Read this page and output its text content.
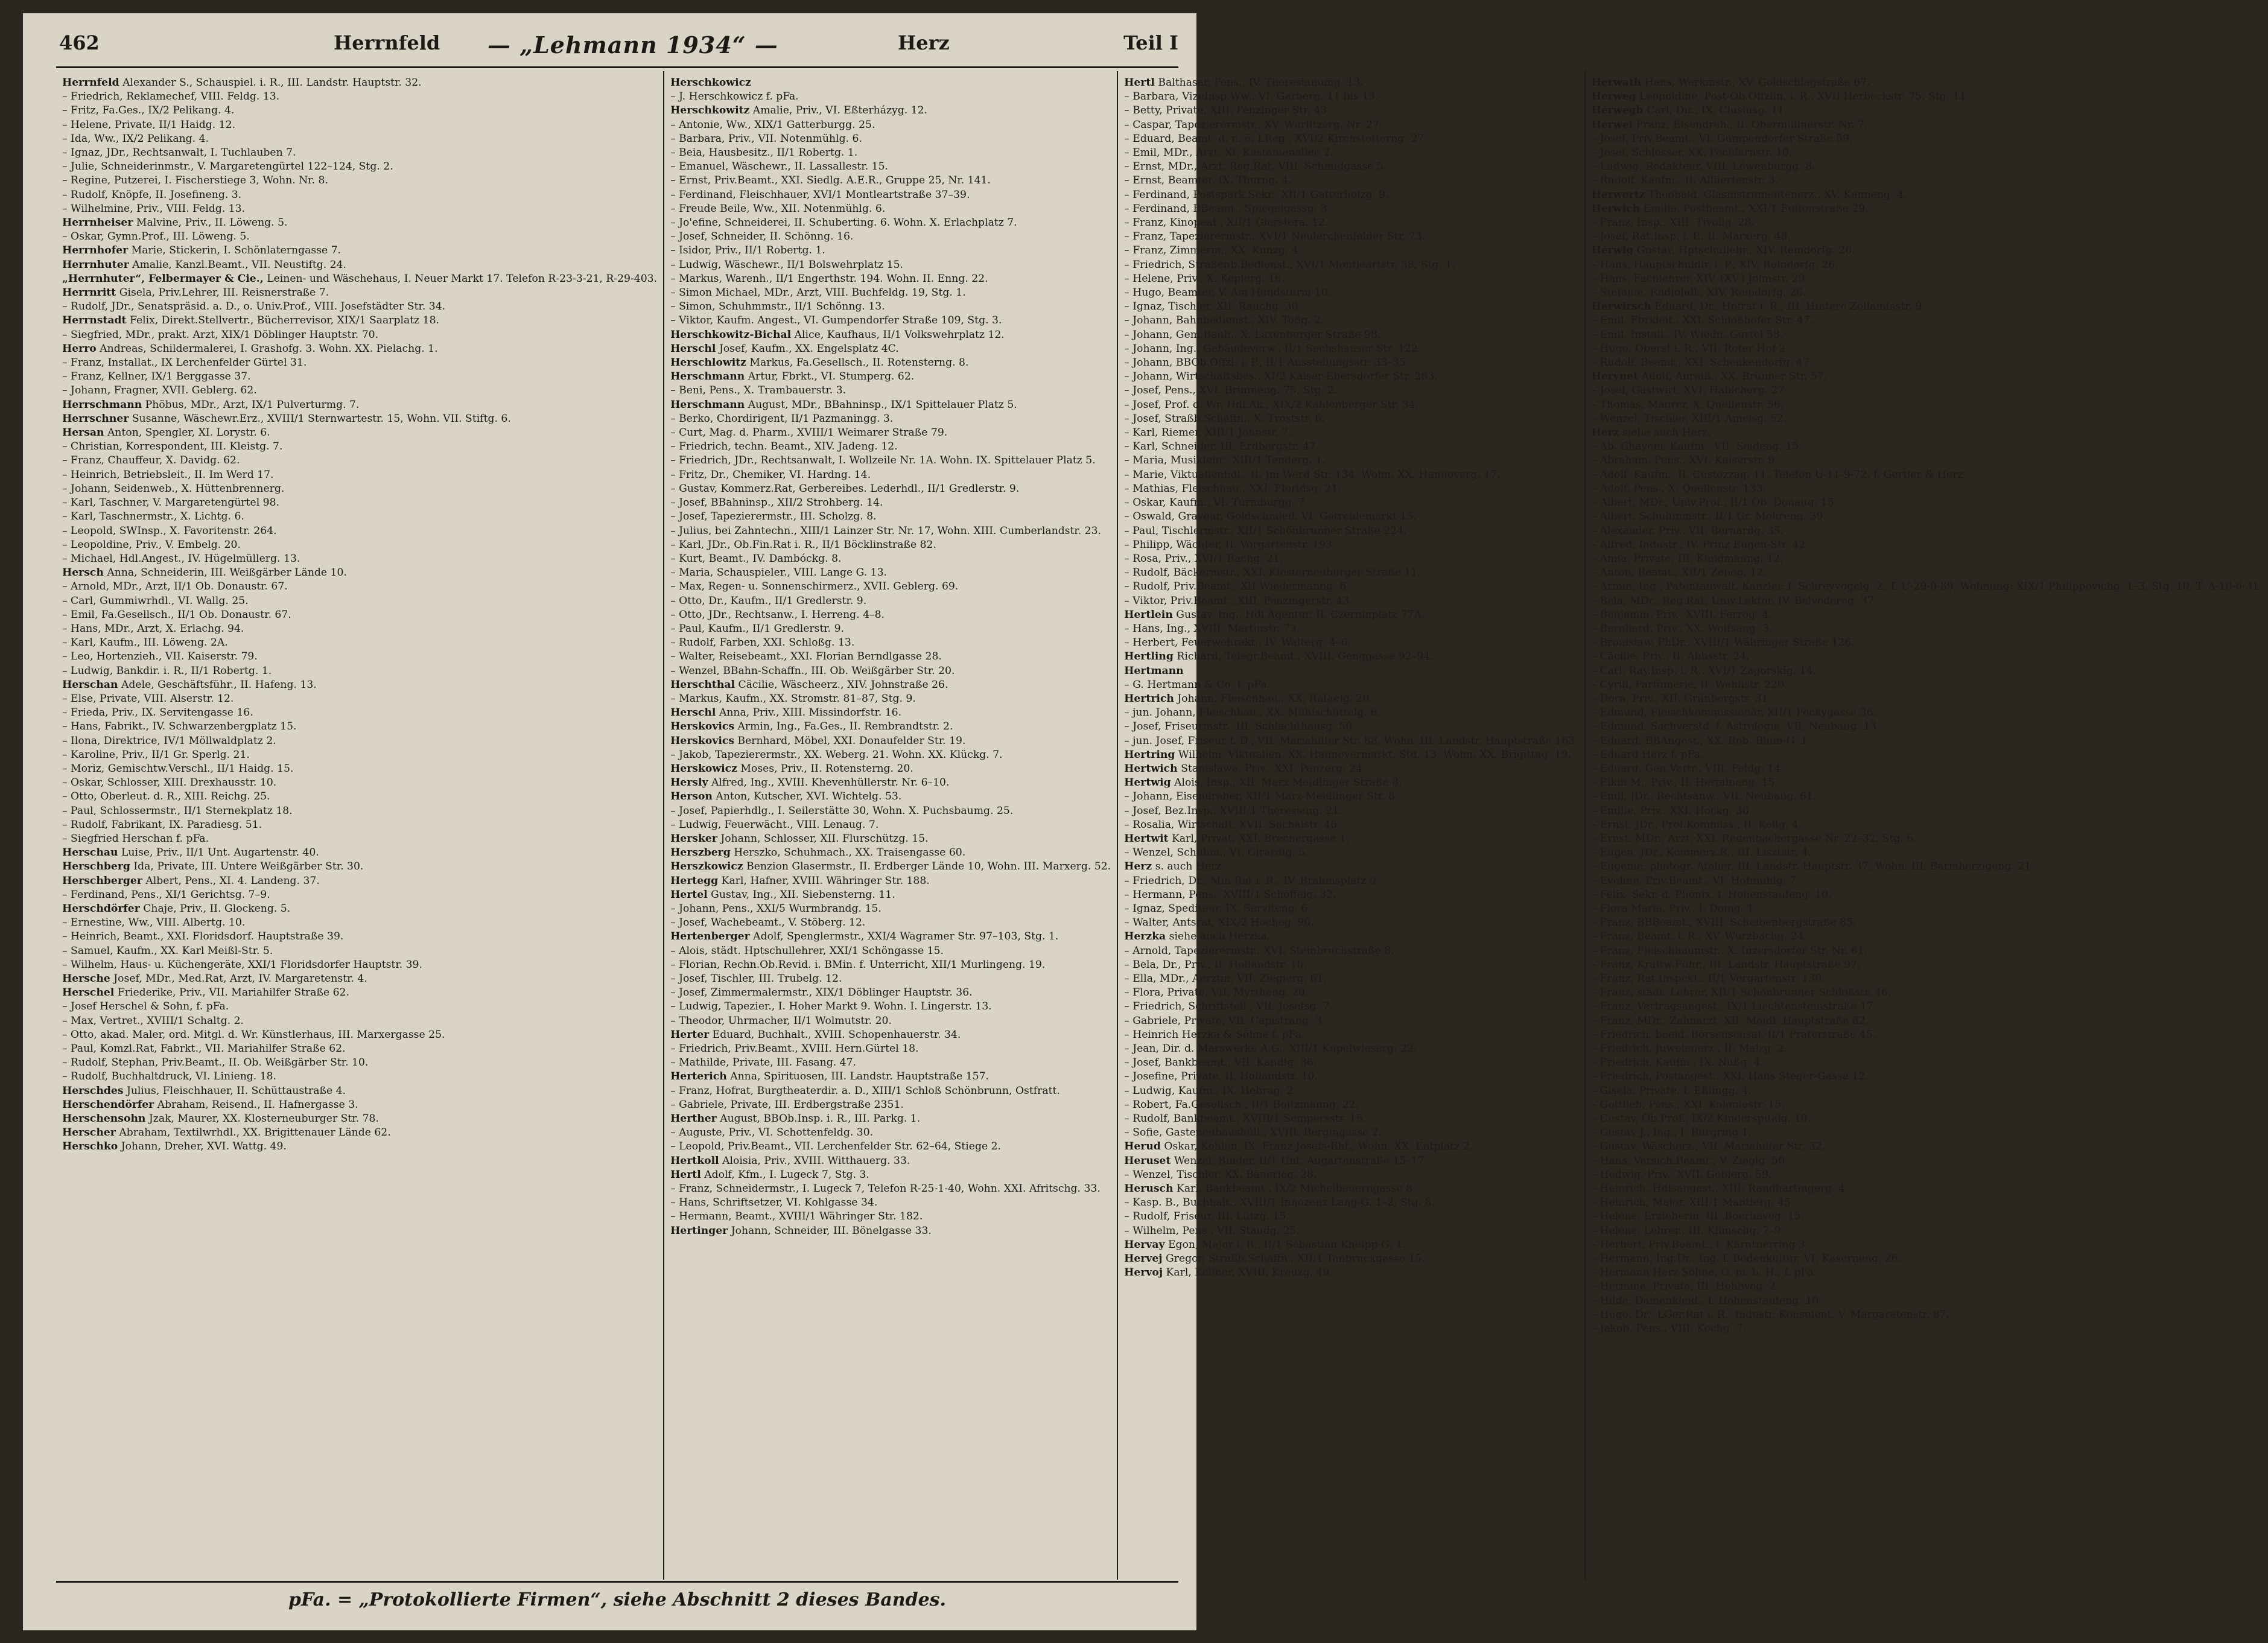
462	Herrnfeld — „Lehmann 1934“ —	Herz	Teil I
Herrnfeld Alexander S., Schauspiel. i. R., III. Landstr. Hauptstr. 32.
– Friedrich, Reklamechef, VIII. Feldg. 13.
– Fritz, Fa.Ges., IX/2 Pelikang. 4.
– Helene, Private, II/1 Haidg. 12.
– Ida, Ww., IX/2 Pelikang. 4.
– Ignaz, JDr., Rechtsanwalt, I. Tuchlauben 7.
– Julie, Schneiderinmstr., V. Margaretengürtel 122–124, Stg. 2.
– Regine, Putzerei, I. Fischerstiege 3, Wohn. Nr. 8.
– Rudolf, Knöpfe, II. Josefineng. 3.
– Wilhelmine, Priv., VIII. Feldg. 13.
Herrnheiser Malvine, Priv., II. Löweng. 5.
– Oskar, Gymn.Prof., III. Löweng. 5.
Herrnhofer Marie, Stickerin, I. Schönlaterngasse 7.
Herrnhuter Amalie, Kanzl.Beamt., VII. Neustiftg. 24.
„Herrnhuter“, Felbermayer & Cie., Leinen- und Wäschehaus, I. Neuer Markt 17. Telefon R-23-3-21, R-29-403.
Herrnritt Gisela, Priv.Lehrer, III. Reisnerstraße 7.
– Rudolf, JDr., Senatspräsid. a. D., o. Univ.Prof., VIII. Josefstädter Str. 34.
Herrnstadt Felix, Direkt.Stellvertr., Bücherrevisor, XIX/1 Saarplatz 18.
– Siegfried, MDr., prakt. Arzt, XIX/1 Döblinger Hauptstr. 70.
Herro Andreas, Schildermalerei, I. Grashofg. 3. Wohn. XX. Pielachg. 1.
– Franz, Installat., IX Lerchenfelder Gürtel 31.
– Franz, Kellner, IX/1 Berggasse 37.
– Johann, Fragner, XVII. Geblerg. 62.
Herrschmann Phöbus, MDr., Arzt, IX/1 Pulverturmg. 7.
Herrschner Susanne, Wäschewr.Erz., XVIII/1 Sternwartestr. 15, Wohn. VII. Stiftg. 6.
Hersan Anton, Spengler, XI. Lorystr. 6.
– Christian, Korrespondent, III. Kleistg. 7.
– Franz, Chauffeur, X. Davidg. 62.
– Heinrich, Betriebsleit., II. Im Werd 17.
– Johann, Seidenweb., X. Hüttenbrennerg.
– Karl, Taschner, V. Margaretengürtel 98.
– Karl, Taschnermstr., X. Lichtg. 6.
– Leopold, SWInsp., X. Favoritenstr. 264.
– Leopoldine, Priv., V. Embelg. 20.
– Michael, Hdl.Angest., IV. Hügelmüllerg. 13.
Hersch Anna, Schneiderin, III. Weißgärber Lände 10.
– Arnold, MDr., Arzt, II/1 Ob. Donaustr. 67.
– Carl, Gummiwrhdl., VI. Wallg. 25.
– Emil, Fa.Gesellsch., II/1 Ob. Donaustr. 67.
– Hans, MDr., Arzt, X. Erlachg. 94.
– Karl, Kaufm., III. Löweng. 2A.
– Leo, Hortenzieh., VII. Kaiserstr. 79.
– Ludwig, Bankdir. i. R., II/1 Robertg. 1.
Herschan Adele, Geschäftsführ., II. Hafeng. 13.
– Else, Private, VIII. Alserstr. 12.
– Frieda, Priv., IX. Servitengasse 16.
– Hans, Fabrikt., IV. Schwarzenbergplatz 15.
– Ilona, Direktrice, IV/1 Möllwaldplatz 2.
– Karoline, Priv., II/1 Gr. Sperlg. 21.
– Moriz, Gemischtw.Verschl., II/1 Haidg. 15.
– Oskar, Schlosser, XIII. Drexhausstr. 10.
– Otto, Oberleut. d. R., XIII. Reichg. 25.
– Paul, Schlossermstr., II/1 Sternekplatz 18.
– Rudolf, Fabrikant, IX. Paradiesg. 51.
– Siegfried Herschan f. pFa.
Herschau Luise, Priv., II/1 Unt. Augartenstr. 40.
Herschberg Ida, Private, III. Untere Weißgärber Str. 30.
Herschberger Albert, Pens., XI. 4. Landeng. 37.
– Ferdinand, Pens., XI/1 Gerichtsg. 7–9.
Herschdörfer Chaje, Priv., II. Glockeng. 5.
– Ernestine, Ww., VIII. Albertg. 10.
– Heinrich, Beamt., XXI. Floridsdorf. Hauptstraße 39.
– Samuel, Kaufm., XX. Karl Meißl-Str. 5.
– Wilhelm, Haus- u. Küchengeräte, XXI/1 Floridsdorfer Hauptstr. 39.
Hersche Josef, MDr., Med.Rat, Arzt, IV. Margaretenstr. 4.
Herschel Friederike, Priv., VII. Mariahilfer Straße 62.
– Josef Herschel & Sohn, f. pFa.
– Max, Vertret., XVIII/1 Schaltg. 2.
– Otto, akad. Maler, ord. Mitgl. d. Wr. Künstlerhaus, III. Marxergasse 25.
– Paul, Komzl.Rat, Fabrkt., VII. Mariahilfer Straße 62.
– Rudolf, Stephan, Priv.Beamt., II. Ob. Weißgärber Str. 10.
– Rudolf, Buchhaltdruck, VI. Linieng. 18.
Herschdes Julius, Fleischhauer, II. Schüttaustraße 4.
Herschendörfer Abraham, Reisend., II. Hafnergasse 3.
Herschensohn Jzak, Maurer, XX. Klosterneuburger Str. 78.
Herscher Abraham, Textilwrhdl., XX. Brigittenauer Lände 62.
Herschko Johann, Dreher, XVI. Wattg. 49.
Herschkowicz
– J. Herschkowicz f. pFa.
Herschkowitz Amalie, Priv., VI. Eßterházyg. 12.
– Antonie, Ww., XIX/1 Gatterburgg. 25.
– Barbara, Priv., VII. Notenmühlg. 6.
– Beia, Hausbesitz., II/1 Robertg. 1.
– Emanuel, Wäschewr., II. Lassallestr. 15.
– Ernst, Priv.Beamt., XXI. Siedlg. A.E.R., Gruppe 25, Nr. 141.
– Ferdinand, Fleischhauer, XVI/1 Montleartstraße 37–39.
– Freude Beile, Ww., XII. Notenmühlg. 6.
– Jo'efine, Schneiderei, II. Schuberting. 6. Wohn. X. Erlachplatz 7.
– Josef, Schneider, II. Schönng. 16.
– Isidor, Priv., II/1 Robertg. 1.
– Ludwig, Wäschewr., II/1 Bolswehrplatz 15.
– Markus, Warenh., II/1 Engerthstr. 194. Wohn. II. Enng. 22.
– Simon Michael, MDr., Arzt, VIII. Buchfeldg. 19, Stg. 1.
– Simon, Schuhmmstr., II/1 Schönng. 13.
– Viktor, Kaufm. Angest., VI. Gumpendorfer Straße 109, Stg. 3.
Herschkowitz-Bichal Alice, Kaufhaus, II/1 Volkswehrplatz 12.
Herschl Josef, Kaufm., XX. Engelsplatz 4C.
Herschlowitz Markus, Fa.Gesellsch., II. Rotensterng. 8.
Herschmann Artur, Fbrkt., VI. Stumperg. 62.
– Beni, Pens., X. Trambauerstr. 3.
Herschmann August, MDr., BBahninsp., IX/1 Spittelauer Platz 5.
– Berko, Chordirigent, II/1 Pazmaningg. 3.
– Curt, Mag. d. Pharm., XVIII/1 Weimarer Straße 79.
– Friedrich, techn. Beamt., XIV. Jadeng. 12.
– Friedrich, JDr., Rechtsanwalt, I. Wollzeile Nr. 1A. Wohn. IX. Spittelauer Platz 5.
– Fritz, Dr., Chemiker, VI. Hardng. 14.
– Gustav, Kommerz.Rat, Gerbereibes. Lederhdl., II/1 Gredlerstr. 9.
– Josef, BBahninsp., XII/2 Strohberg. 14.
– Josef, Tapezierermstr., III. Scholzg. 8.
– Julius, bei Zahntechn., XIII/1 Lainzer Str. Nr. 17, Wohn. XIII. Cumberlandstr. 23.
– Karl, JDr., Ob.Fin.Rat i. R., II/1 Böcklinstraße 82.
– Kurt, Beamt., IV. Dambóckg. 8.
– Maria, Schauspieler., VIII. Lange G. 13.
– Max, Regen- u. Sonnenschirmerz., XVII. Geblerg. 69.
– Otto, Dr., Kaufm., II/1 Gredlerstr. 9.
– Otto, JDr., Rechtsanw., I. Herreng. 4–8.
– Paul, Kaufm., II/1 Gredlerstr. 9.
– Rudolf, Farben, XXI. Schloßg. 13.
– Walter, Reisebeamt., XXI. Florian Berndlgasse 28.
– Wenzel, BBahn-Schaffn., III. Ob. Weißgärber Str. 20.
Herschthal Cäcilie, Wäscheerz., XIV. Johnstraße 26.
– Markus, Kaufm., XX. Stromstr. 81–87, Stg. 9.
Herschl Anna, Priv., XIII. Missindorfstr. 16.
Herskovics Armin, Ing., Fa.Ges., II. Rembrandtstr. 2.
Herskovics Bernhard, Möbel, XXI. Donaufelder Str. 19.
– Jakob, Tapezierermstr., XX. Weberg. 21. Wohn. XX. Klückg. 7.
Herskowicz Moses, Priv., II. Rotensterng. 20.
Hersly Alfred, Ing., XVIII. Khevenhüllerstr. Nr. 6–10.
Herson Anton, Kutscher, XVI. Wichtelg. 53.
– Josef, Papierhdlg., I. Seilerstätte 30, Wohn. X. Puchsbaumg. 25.
– Ludwig, Feuerwächt., VIII. Lenaug. 7.
Hersker Johann, Schlosser, XII. Flurschützg. 15.
Herszberg Herszko, Schuhmach., XX. Traisengasse 60.
Herszkowicz Benzion Glasermstr., II. Erdberger Lände 10, Wohn. III. Marxerg. 52.
Hertegg Karl, Hafner, XVIII. Währinger Str. 188.
Hertel Gustav, Ing., XII. Siebensterng. 11.
– Johann, Pens., XXI/5 Wurmbrandg. 15.
– Josef, Wachebeamt., V. Stöberg. 12.
Hertenberger Adolf, Spenglermstr., XXI/4 Wagramer Str. 97–103, Stg. 1.
– Alois, städt. Hptschullehrer, XXI/1 Schöngasse 15.
– Florian, Rechn.Ob.Revid. i. BMin. f. Unterricht, XII/1 Murlingeng. 19.
– Josef, Tischler, III. Trubelg. 12.
– Josef, Zimmermalermstr., XIX/1 Döblinger Hauptstr. 36.
– Ludwig, Tapezier., I. Hoher Markt 9. Wohn. I. Lingerstr. 13.
– Theodor, Uhrmacher, II/1 Wolmutstr. 20.
Herter Eduard, Buchhalt., XVIII. Schopenhauerstr. 34.
– Friedrich, Priv.Beamt., XVIII. Hern.Gürtel 18.
– Mathilde, Private, III. Fasang. 47.
Herterich Anna, Spirituosen, III. Landstr. Hauptstraße 157.
– Franz, Hofrat, Burgtheaterdir. a. D., XIII/1 Schloß Schönbrunn, Ostfratt.
– Gabriele, Private, III. Erdbergstraße 2351.
Herther August, BBOb.Insp. i. R., III. Parkg. 1.
– Auguste, Priv., VI. Schottenfeldg. 30.
– Leopold, Priv.Beamt., VII. Lerchenfelder Str. 62–64, Stiege 2.
Hertkoll Aloisia, Priv., XVIII. Witthauerg. 33.
Hertl Adolf, Kfm., I. Lugeck 7, Stg. 3.
– Franz, Schneidermstr., I. Lugeck 7, Telefon R-25-1-40, Wohn. XXI. Afritschg. 33.
– Hans, Schriftsetzer, VI. Kohlgasse 34.
– Hermann, Beamt., XVIII/1 Währinger Str. 182.
Hertinger Johann, Schneider, III. Bönelgasse 33.
Hertl Balthasar, Pens., IV. Theresianumg. 13.
– Barbara, VizeInsp.Ww., VI. Garberg. 11 bis 13.
– Betty, Private, XIII. Penzinger Str. 43.
– Caspar, Tapezierermstr., XV. Wurlitzerg. Nr. 27.
– Eduard, Beamt. d. n. ö. LReg., XVI/2 Kirchstetterng. 27.
– Emil, MDr., Arzt, XI. Kastanienallee 2.
– Ernst, MDr., Arzt, Reg.Rat, VIII. Schmidgasse 5.
– Ernst, Beamter, IX. Thurng. 4.
– Ferdinand, Postspark.Sekr., XII/1 Gatterholzg. 9.
– Ferdinand, BBeamt., Spiegelgassg. 3.
– Franz, Kinopeat., XII/1 Gierstera. 12.
– Franz, Tapezierermstr., XVI/1 Neulerchenfelder Str. 73.
– Franz, Zimmerm., XX. Kunzg. 4.
– Friedrich, Straßenb.Bedienst., XVI/1 Montleartstr. 58, Stg. 1.
– Helene, Priv., X. Keplerg. 16.
– Hugo, Beamter, V. Am Hundsturm 10.
– Ignaz, Tischler, XII. Rauchg. 30.
– Johann, Bahnbedienst., XIV. Toßg. 2.
– Johann, Gem.Bauh., X. Laxenburger Straße 98.
– Johann, Ing., Gebäudeverw., II/1 Sechshauser Str. 122.
– Johann, BBOb.Offzl. i. P., II/1 Ausstellungsstr. 33–35.
– Johann, Wirtschaftsbes., XI/2 Kaiser-Ebersdorfer Str. 263.
– Josef, Pens., XVI. Brunneng. 75, Stg. 2.
– Josef, Prof. d. Wr. Hdl.Ak., XIX/2 Kahlenberger Str. 34.
– Josef, Straßb.Schaffn., X. Troststr. 6.
– Karl, Riemer, XIII/1 Johnstr. 7.
– Karl, Schneider, III. Erdbergstr. 47.
– Maria, Musiklehr., XIII/1 Tenderg. 1.
– Marie, Viktualienhdl., II. Jm Werd Str. 134, Wohn. XX. Hannoverg. 17.
– Mathias, Fleischhau., XXI. Floridsg. 21.
– Oskar, Kaufm., VI. Turmburgg. 7.
– Oswald, Graveur, Goldschmied, VI. Getreidemarkt 15.
– Paul, Tischlermstr., XII/1 Schönbrunner Straße 224.
– Philipp, Wächter, II. Vorgartenstr. 193.
– Rosa, Priv., XVI/1 Bachg. 21.
– Rudolf, Bäckermstr., XXI. Klosterneuburger Straße 11.
– Rudolf, Priv.Beamt., XII Wiedermanng. 6.
– Viktor, Priv.Beamt., XIII. Penzingerstr. 43.
Hertlein Gustav, Ing., Hdl.Agentur, II. Czerninplatz 77A.
– Hans, Ing., XVIII. Martinstr. 73.
– Herbert, Feuerwehrakt., IV. Walterg. 4–6.
Hertling Richard, Telegr.Beamt., XVIII. Genggasse 92–94.
Hertmann
– G. Hertmann & Co. f. pFa.
Hertrich Johann, Fleischhau., XX. Rafaelg. 20.
– jun. Johann, Fleischhau., XX. Mühlschüttelg. 6.
– Josef, Friseurmstr., III. Schlachthausg. 50.
– jun. Josef, Friseur f. D., VII. Mariahilfer Str. 88, Wohn. III. Landstr. Hauptstraße 163.
Hertring Wilhelm, Viktualien, XX. Hannovermarkt, Std. 13, Wohn. XX. Brigittag. 19.
Hertwich Stanislawa, Priv., XXI. Panzerg. 24.
Hertwig Alois, Insp., XII. Marx Meidlinger Straße 8.
– Johann, Eisendreher, XII/1 Marz-Meidlinger Str. 8.
– Josef, Bez.Insp., XVIII/1 Theresieng. 21.
– Rosalia, Wirtschaft, XVII. Sachalstr. 46.
Hertwit Karl, Privat, XXI. Brechergasse 1.
– Wenzel, Schuhm., VI. Girardig. 5.
Herz s. auch Herz.
– Friedrich, Dr., Min.Rat i. R., IV. Brahmsplatz 9.
– Hermann, Pens., XVIII/1 Schöffelg. 32.
– Ignaz, Spediteur, IX. Serviteng. 6.
– Walter, Antsrat, XIX/2 Hocheg. 90.
Herzka siehe auch Herzka.
– Arnold, Tapezierermstr., XVI. Steinbruchstraße 8.
– Bela, Dr., Priv., II. Hollandstr. 10.
– Ella, MDr., Aerztin, VII. Zieglerg. 61.
– Flora, Private, VII. Myrtheng. 20.
– Friedrich, Schriftstell., VII. Josefsg. 7.
– Gabriele, Private, VII. Capistrang. 3.
– Heinrich Herzka & Söhne f. pFa.
– Jean, Dir. d. Marswerke A.G., XIII/1 Kupelwieserg. 22.
– Josef, Bankbeamt., VII. Kandlg. 36.
– Josefine, Private, II. Hollandstr. 10.
– Ludwig, Kaufm., IX. Hebrag. 2.
– Robert, Fa.Gesellsch., II/1 Boltzmanng. 22.
– Rudolf, Bankbeamt., XVIII/1 Sempersstr. 15.
– Sofie, Gasteneubaushüll., XVIII. Bergingasse 2.
Herud Oskar, Kohlen, IX. Franz Josefs-Bhf., Wohn. XX. Entplatz 2.
Heruset Wenzel, Binder, II/1 Unt. Augartenstraße 15–17.
– Wenzel, Tischler, XX. Bäuerleg. 28.
Herusch Karl, Bankbeamt., IX/2 Michelbeuerngasse 8.
– Kasp. B., Buchhalt., XVIII/1 Innozenz Lang-G. 1–2, Stg. 8.
– Rudolf, Friseur, III. Lützg. 15.
– Wilhelm, Pens., VII. Staudg. 25.
Hervay Egon, Major i. R., II/1 Sebastian Kneipp-G. 1.
Hervej Gregor, Straßb.Schaffn., XII/1 Tanbruckgasse 15.
Hervoj Karl, Kellner, XVIII. Kreuzg. 49.
Herwath Hans, Werkmstr., XV. Goldschlagstraße 67.
Herweg Leopoldine, Post-Ob.Offzlin. i. R., XVII Herbeckstr. 75, Stg. 11.
Herwegh Carl, Dir., IX. Clusiusg. 11.
Herwei Franz, Eisendreh., II. Obermüllnerstr. Nr. 7.
– Josef, Priv.Beamt., VI. Gumpendorfer Straße 59.
– Josef, Schlosser, XX. Pöchlarnstr. 10.
– Ludwig, Redakteur, VIII. Löwenburgg. 8.
– Rudolf, Kaufm., II. Alliiertenstr. 3.
Herwertz Theobald, Glasinstrumentenerz., XV. Kanneng. 4.
Herwich Emilie, Postbeamt., XXI/1 Fultonstraße 29.
– Franz, Insp., XIII. Tivolig. 28.
– Josef, Rat.Insp. i. P., II. Marxerg. 48.
Herwig Gustav, Hptschullehr., XIV. Reindorfg. 26.
– Hans, Hauptschuldir. i. P., XIV. Reindorfg. 26.
– Hans, Fachlehrer, XIV. (XV.) Johnstr. 29.
– Stefanie, Radiohdl., XIV. Reindorfg. 26.
Herwirsch Eduard, Dr., Hofrat i. R., III. Hintere Zollamtsstr. 9.
– Emil, Fbrkleit., XXI. Schloßhofer Str. 47.
– Emil, Install., IV. Wiedn. Gürtel 58.
– Hugo, Oberst i. R., VII. Roter Hof 2.
– Rudolf, Beamt., XXI. Schenkendorfg. 47.
Herynet Adolf, Anreiß., XX. Brünner Str. 57.
– Josef, Gastwirt, XVI. Habicherg. 27.
– Thomas, Maurer, X. Quellenstr. 56.
– Wenzel, Tischler, XIII/1 Ameisg. 52.
Herz siehe auch Herz.
– Ab. Chayem, Kaufm., VII. Seideng. 15.
– Abraham, Pens., XVI. Kaiserstr. 9.
– Adolf, Kaufm., II. Custozzag. 11, Telefon U-11-9-72, f. Gertler & Herz.
– Adolf, Pens., X. Quellenstr. 133.
– Albert, MDr., Univ.Prof., II/1 Ob. Donaug. 15.
– Albert, Schuhmmstr., II/1 Gr. Mohreng. 39.
– Alexander, Priv., VII. Bernardg. 35.
– Alfred, Industr., IV. Prinz Eugen-Str. 42.
– Anna, Private, III. Kundmanng. 12.
– Anton, Beamt., XII/1 Zenog. 12.
– Armin, Ing., Patentanwalt, Kanzlei: I. Schreyvogelg. 2, T. U-29-0-89, Wohnung: XIX/1 Philippovichg. 1–3, Stg. 10, T. A-10-6-31.
– Bela, MDr., Reg.Rat, Univ.Lektor, IV. Belvedereg. 37.
– Benjamin, Priv., XVIII. Ferrog. 4.
– Bernhard, Priv., XX. Wolfsaug. 3.
– Bronislaw, PhDr., XVIII/1 Währinger Straße 126.
– Cäcilie, Priv., II. Abbsstr. 24.
– Carl, Ray.Insp. i. R., XVI/1 Zagorskig. 14.
– Cyrill, Parfümerie, II. Wehlistr. 220.
– Dora, Priv., XII. Grünbergstr. 31.
– Edmund, Fleischkommissionär, XII/1 Fockygasse 36.
– Edmund, Sachverstd. f. Astrologie, VII. Neubaug. 13.
– Eduard, BBAngest., XX. Rob. Blum-G. 1.
– Eduard Herz f. pFa.
– Eduard, Gen.Vertr., VIII. Feldg. 14.
– Elkin M., Priv., II. Hermineng. 15.
– Emil, JDr., Rechtsanw., VII. Neubaug. 61.
– Emilie, Priv., XXI. Hockg. 36.
– Ernst, JDr., Prof.Kommiss., II. Keilg. 4.
– Ernst, MDr., Arzt, XXI. Redenbachergasse Nr. 22–32, Stg. 6.
– Eugen, JDr., Kommerz.R., III. Lisztstr. 4.
– Eugenie, photogr. Atelier, III. Landstr. Hauptstr. 37, Wohn. III. Barmherzigeng. 21.
– Eveline, Priv.Beamt., VI. Hofmühlg. 7.
– Felix, Sekr. d. Phönix, I. Hohenstaufeng. 10.
– Flora Maria, Priv., I. Domg. 1.
– Franz, BBBeamt., XVIII. Scheibenbergstraße 85.
– Franz, Beamt. i. R., XV. Wurzbachg. 24.
– Franz, Fleischhaumstr., X. Inzersdorfer Str. Nr. 61.
– Franz, Kraftw.Führ., III. Landstr. Hauptstraße 97.
– Franz, Rat.Inspekt., II/1 Vorgartenstr. 130.
– Franz, städt. Lehrer, XII/1 Schönbrunner Schloßstr. 46.
– Franz, Vertragsangest., IX/1 Liechtensteinstraße 17.
– Franz, MDr., Zahnarzt, XII. Meidl. Hauptstraße 82.
– Friedrich, beeid. Börsensensal, II/1 Praterstraße 45.
– Friedrich, Juwelenerz., II. Malzg. 2.
– Friedrich, Kaufm., IX. Nußg. 4.
– Friedrich, Postangest., XXI. Hans Steger-Gasse 12.
– Gisela, Private, I. Eßlingg. 4.
– Gottlieb, Pens., XXI. Koloniestr. 15.
– Gustav, Ob.Prof., IX/2 Kinderspitalg. 10.
– Gustav J., Ing., I. Burgring 1.
– Gustav, Wäscherz., VII. Mariahilfer Str. 32.
– Hans, Versich.Beamt., V. Zieglg. 50.
– Hedwig, Priv., XVII. Geblerg. 59.
– Heinrich, Hdlsangest., XIII. Randhartingerg. 4.
– Heinrich, Major, XIII/1 Mantlerg. 45.
– Helene, Erzieherin, III. Boerhaveg. 15.
– Helene, Lehrer., III. Klimschg. 7–9.
– Herbert, Priv.Beamt., I. Kärntnerring 3.
– Hermann, Ing.Dr., Ing. f. Bodenkultur, VI. Kaserneng. 26.
– Hermann Herz Söhne, G. m. b. H., f. pFa.
– Hermine, Private, III. Hohlweg. 2.
– Hilde, Damenkleid., I. Hohenstaufeng. 10.
– Hugo, Dr., LGer.Rat i. R., Industr. Konsulent, V. Margaretenstr. 87.
– Jakob, Pens., VIII. Kochg. 7.
pFa. = „Protokollierte Firmen“, siehe Abschnitt 2 dieses Bandes.
